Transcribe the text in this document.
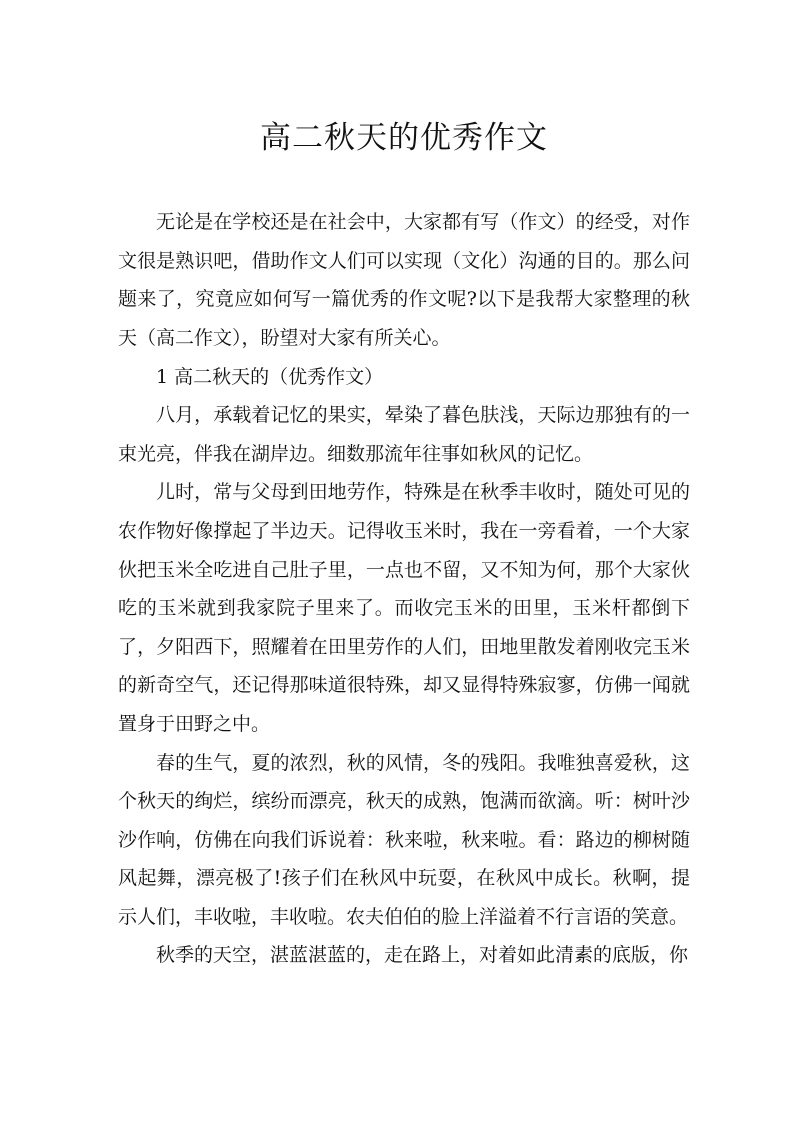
高二秋天的优秀作文

无论是在学校还是在社会中，大家都有写（作文）的经受，对作文很是熟识吧，借助作文人们可以实现（文化）沟通的目的。那么问题来了，究竟应如何写一篇优秀的作文呢?以下是我帮大家整理的秋天（高二作文），盼望对大家有所关心。

1 高二秋天的（优秀作文）

八月，承载着记忆的果实，晕染了暮色肤浅，天际边那独有的一束光亮，伴我在湖岸边。细数那流年往事如秋风的记忆。

儿时，常与父母到田地劳作，特殊是在秋季丰收时，随处可见的农作物好像撑起了半边天。记得收玉米时，我在一旁看着，一个大家伙把玉米全吃进自己肚子里，一点也不留，又不知为何，那个大家伙吃的玉米就到我家院子里来了。而收完玉米的田里，玉米杆都倒下了，夕阳西下，照耀着在田里劳作的人们，田地里散发着刚收完玉米的新奇空气，还记得那味道很特殊，却又显得特殊寂寥，仿佛一闻就置身于田野之中。

春的生气，夏的浓烈，秋的风情，冬的残阳。我唯独喜爱秋，这个秋天的绚烂，缤纷而漂亮，秋天的成熟，饱满而欲滴。听：树叶沙沙作响，仿佛在向我们诉说着：秋来啦，秋来啦。看：路边的柳树随风起舞，漂亮极了!孩子们在秋风中玩耍，在秋风中成长。秋啊，提示人们，丰收啦，丰收啦。农夫伯伯的脸上洋溢着不行言语的笑意。

秋季的天空，湛蓝湛蓝的，走在路上，对着如此清素的底版，你
